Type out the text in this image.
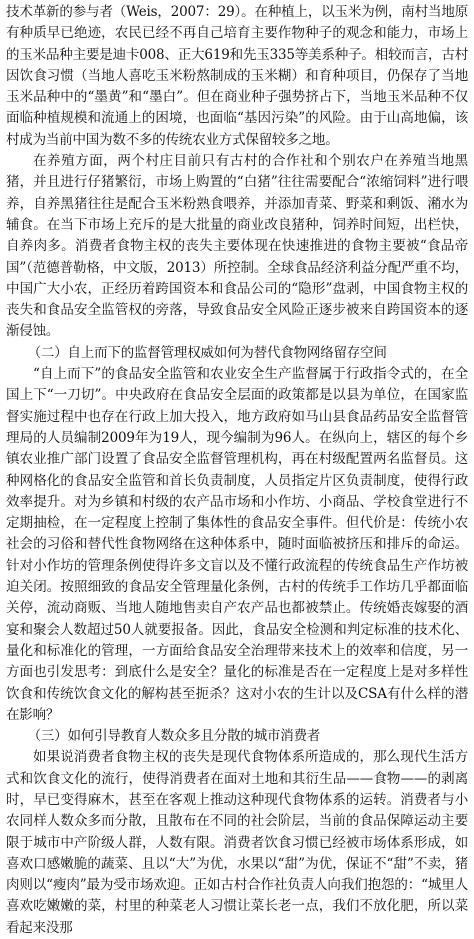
技术革新的参与者（Weis，2007：29）。在种植上，以玉米为例，南村当地原有种质早已绝迹，农民已经不再自己培育主要作物种子的观念和能力，市场上的玉米品种主要是迪卡008、正大619和先玉335等美系种子。相较而言，古村因饮食习惯（当地人喜吃玉米粉熬制成的玉米糊）和育种项目，仍保存了当地玉米品种中的“墨黄”和“墨白”。但在商业种子强势挤占下，当地玉米品种不仅面临种植规模和流通上的困境，也面临“基因污染”的风险。由于山高地偏，该村成为当前中国为数不多的传统农业方式保留较多之地。

在养殖方面，两个村庄目前只有古村的合作社和个别农户在养殖当地黑猪，并且进行仔猪繁衍，市场上购置的“白猪”往往需要配合“浓缩饲料”进行喂养，自养黑猪往往是配合玉米粉熟食喂养，并添加青菜、野菜和剩饭、潲水为辅食。在当下市场上充斥的是大批量的商业改良猪种，饲养时间短，出栏快，自养肉多。消费者食物主权的丧失主要体现在快速推进的食物主要被“食品帝国”（范德普勒格，中文版，2013）所控制。全球食品经济利益分配严重不均，中国广大小农，正经历着跨国资本和食品公司的“隐形”盘剥，中国食物主权的丧失和食品安全监管权的旁落，导致食品安全风险正逐步被来自跨国资本的逐渐侵蚀。

（二）自上而下的监督管理权威如何为替代食物网络留存空间

“自上而下”的食品安全监管和农业安全生产监督属于行政指令式的，在全国上下“一刀切”。中央政府在食品安全层面的政策都是以县为单位，在国家监督实施过程中也存在行政上加大投入，地方政府如马山县食品药品安全监督管理局的人员编制2009年为19人，现今编制为96人。在纵向上，辖区的每个乡镇农业推广部门设置了食品安全监督管理机构，再在村级配置两名监督员。这种网格化的食品安全监管和首长负责制度，人员指定片区负责制度，使得行政效率提升。对为乡镇和村级的农产品市场和小作坊、小商品、学校食堂进行不定期抽检，在一定程度上控制了集体性的食品安全事件。但代价是：传统小农社会的习俗和替代性食物网络在这种体系中，随时面临被挤压和排斥的命运。针对小作坊的管理条例使得许多文盲以及不懂行政流程的传统食品生产作坊被迫关闭。按照细致的食品安全管理量化条例，古村的传统手工作坊几乎都面临关停，流动商贩、当地人随地售卖自产农产品也都被禁止。传统婚丧嫁娶的酒宴和聚会人数超过50人就要报备。因此，食品安全检测和判定标准的技术化、量化和标准化的管理，一方面给食品安全治理带来技术上的效率和信度，另一方面也引发思考：到底什么是安全？量化的标准是否在一定程度上是对多样性饮食和传统饮食文化的解构甚至扼杀？这对小农的生计以及CSA有什么样的潜在影响？

（三）如何引导教育人数众多且分散的城市消费者

如果说消费者食物主权的丧失是现代食物体系所造成的，那么现代生活方式和饮食文化的流行，使得消费者在面对土地和其衍生品——食物——的剥离时，早已变得麻木，甚至在客观上推动这种现代食物体系的运转。消费者与小农同样人数众多而分散，且散布在不同的社会阶层，当前的食品保障运动主要限于城市中产阶级人群，人数有限。消费者饮食习惯已经被市场体系形成，如喜欢口感嫩脆的蔬菜、且以“大”为优，水果以“甜”为优，保证不“甜”不卖，猪肉则以“瘦肉”最为受市场欢迎。正如古村合作社负责人向我们抱怨的：“城里人喜欢吃嫩嫩的菜，村里的种菜老人习惯让菜长老一点，我们不放化肥，所以菜看起来没那
